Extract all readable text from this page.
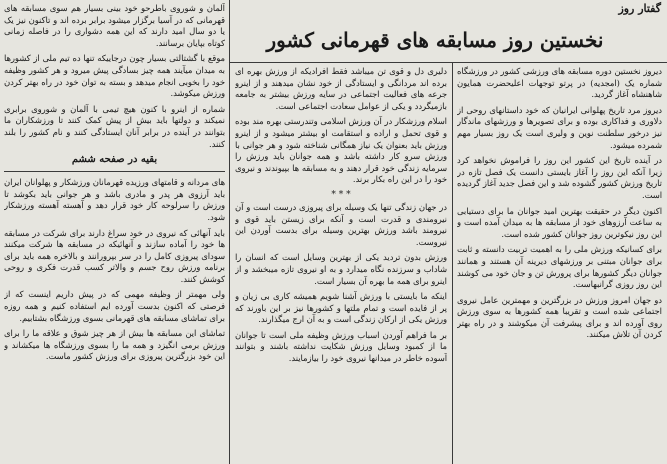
گفتار روز
نخستین روز مسابقه های قهرمانی کشور

آلمان و شوروی باطرحو خود بینی بسیار هم سوی مسابقه های قهرمانی که در آسیا برگزار میشود برابر برده اند و تاکنون نیز یک یا دو سال امید دارند که این همه دشواری را در فاصله زمانی کوتاه بپایان برسانند.

موقع با گشتالتی بسیار چون درجاییکه تنها ده تیم ملی از کشورها به میدان میآیند همه چیز بسادگی پیش میرود و هر کشور وظیفه خود را بخوبی انجام میدهد و بسته به توان خود در راه بهتر کردن ورزش میکوشد.

شماره از اینرو با کنون هیچ تیمی با آلمان و شوروی برابری نمیکند و دولتها باید بیش از پیش کمک کنند تا ورزشکاران ما بتوانند در آینده در برابر آنان ایستادگی کنند و نام کشور را بلند کنند.

بقیه در صفحه ششم

های مردانه و قامتهای ورزیده قهرمانان ورزشکار و پهلوانان ایران باید آرزوی هر پدر و مادری باشد و هر جوانی باید بکوشد تا ورزش را سرلوحه کار خود قرار دهد و آهسته آهسته ورزشکار شود.

باید آنهائی که نیروی در خود سراغ دارند برای شرکت در مسابقه ها خود را آماده سازند و آنهائیکه در مسابقه ها شرکت میکنند سودای پیروزی کامل را در سر بپرورانند و بالاخره همه باید برای برنامه ورزش روح جسم و والاتر کسب قدرت فکری و روحی کوشش کنند.

ولی مهمتر از وظیفه مهمی که در پیش داریم اینست که از فرصتی که اکنون بدست آورده ایم استفاده کنیم و همه روزه برای تماشای مسابقه های قهرمانی بسوی ورزشگاه بشتابیم.

تماشای این مسابقه ها بیش از هر چیز شوق و علاقه ما را برای ورزش برمی انگیزد و همه ما را بسوی ورزشگاه ها میکشاند و این خود بزرگترین پیروزی برای ورزش کشور ماست.

دلیری دل و قوی تن میباشد فقط افرادیکه از ورزش بهره ای برده اند مردانگی و ایستادگی از خود نشان میدهند و از اینرو جرعه های فعالیت اجتماعی در سایه ورزش بیشتر به جامعه بازمیگردد و یکی از عوامل سعادت اجتماعی است.

اسلام ورزشکار در آن ورزش اسلامی وتندرستی بهره مند بوده و قوی تحمل و اراده و استقامت او بیشتر میشود و از اینرو ورزش باید بعنوان یک نیاز همگانی شناخته شود و هر جوانی با ورزش سرو کار داشته باشد و همه جوانان باید ورزش را سرمایه زندگی خود قرار دهند و به مسابقه ها بپیوندند و نیروی خود را در این راه بکار برند.

* * *

در جهان زندگی تنها یک وسیله برای پیروزی درست است و آن نیرومندی و قدرت است و آنکه برای زیستن باید قوی و نیرومند باشد ورزش بهترین وسیله برای بدست آوردن این نیروست.

ورزش بدون تردید یکی از بهترین وسایل است که انسان را شاداب و سرزنده نگاه میدارد و به او نیروی تازه میبخشد و از اینرو برای همه ما بهره آن بسیار است.

اینکه ما بایستی با ورزش آشنا شویم همیشه کاری بی زیان و پر از فایده است و تمام ملتها و کشورها نیز بر این باورند که ورزش یکی از ارکان زندگی است و به آن ارج میگذارند.

بر ما فراهم آوردن اسباب ورزش وظیفه ملی است تا جوانان ما از کمبود وسایل ورزش شکایت نداشته باشند و بتوانند آسوده خاطر در میدانها نیروی خود را بیازمایند.

دیروز نخستین دوره مسابقه های ورزشی کشور در ورزشگاه شماره یک (امجدیه) در پرتو توجهات اعلیحضرت همایون شاهنشاه آغاز گردید.

دیروز مرد تاریخ پهلوانی ایرانیان که خود داستانهای روحی از دلاوری و فداکاری بوده و برای تصویرها و ورزشهای ماندگار نیز درخور سلطنت نوین و ولیری است یک روز بسیار مهم شمرده میشود.

در آینده تاریخ این کشور این روز را فراموش نخواهد کرد زیرا آنکه این روز را آغاز بایستی دانست یک فصل تازه در تاریخ ورزش کشور گشوده شد و این فصل جدید آغاز گردیده است.

اکنون دیگر در حقیقت بهترین امید جوانان ما برای دستیابی به ساعت آرزوهای خود از مسابقه ها به میدان آمده است و این روز نیکوترین روز جوانان کشور شده است.

برای کسانیکه ورزش ملی را به اهمیت تربیت دانسته و ثابت برای جوانان مبتنی بر ورزشهای دیرینه آن هستند و همانند جوانان دیگر کشورها برای پرورش تن و جان خود می کوشند این روز روزی گرانبهاست.

دو جهان امروز ورزش در بزرگترین و مهمترین عامل نیروی اجتماعی شده است و تقریبا همه کشورها به سوی ورزش روی آورده اند و برای پیشرفت آن میکوشند و در راه بهتر کردن آن تلاش میکنند.
